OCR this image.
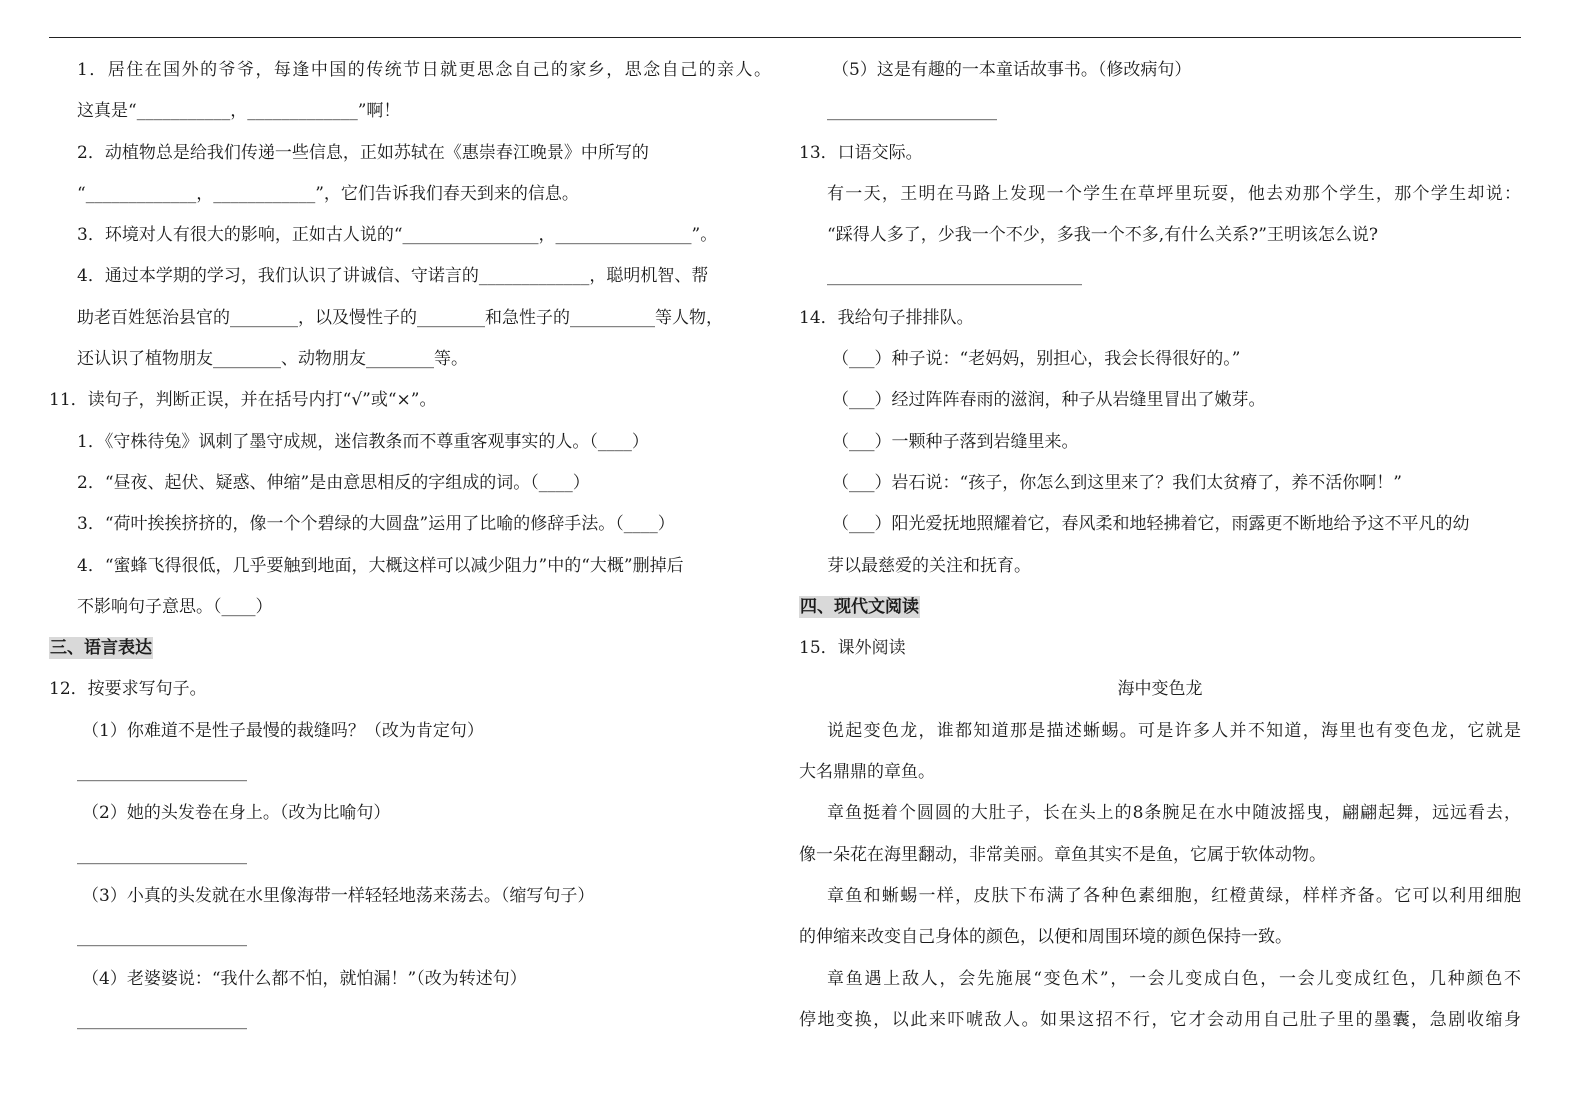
1．居住在国外的爷爷，每逢中国的传统节日就更思念自己的家乡，思念自己的亲人。
这真是“___________，_____________”啊！
2．动植物总是给我们传递一些信息，正如苏轼在《惠崇春江晚景》中所写的
“_____________，____________”，它们告诉我们春天到来的信息。
3．环境对人有很大的影响，正如古人说的“________________，________________”。
4．通过本学期的学习，我们认识了讲诚信、守诺言的_____________，聪明机智、帮
助老百姓惩治县官的________，以及慢性子的________和急性子的__________等人物，
还认识了植物朋友________、动物朋友________等。
11．读句子，判断正误，并在括号内打“√”或“×”。
1．《守株待兔》讽刺了墨守成规，迷信教条而不尊重客观事实的人。（____）
2．“昼夜、起伏、疑惑、伸缩”是由意思相反的字组成的词。（____）
3．“荷叶挨挨挤挤的，像一个个碧绿的大圆盘”运用了比喻的修辞手法。（____）
4．“蜜蜂飞得很低，几乎要触到地面，大概这样可以减少阻力”中的“大概”删掉后
不影响句子意思。（____）
三、语言表达
12．按要求写句子。
（1）你难道不是性子最慢的裁缝吗？（改为肯定句）
____________________
（2）她的头发卷在身上。（改为比喻句）
____________________
（3）小真的头发就在水里像海带一样轻轻地荡来荡去。（缩写句子）
____________________
（4）老婆婆说：“我什么都不怕，就怕漏！”（改为转述句）
____________________
（5）这是有趣的一本童话故事书。（修改病句）
____________________
13．口语交际。
有一天，王明在马路上发现一个学生在草坪里玩耍，他去劝那个学生，那个学生却说：
“踩得人多了，少我一个不少，多我一个不多,有什么关系?”王明该怎么说?
______________________________
14．我给句子排排队。
（___）种子说：“老妈妈，别担心，我会长得很好的。”
（___）经过阵阵春雨的滋润，种子从岩缝里冒出了嫩芽。
（___）一颗种子落到岩缝里来。
（___）岩石说：“孩子，你怎么到这里来了？我们太贫瘠了，养不活你啊！”
（___）阳光爱抚地照耀着它，春风柔和地轻拂着它，雨露更不断地给予这不平凡的幼
芽以最慈爱的关注和抚育。
四、现代文阅读
15．课外阅读
海中变色龙
说起变色龙，谁都知道那是描述蜥蜴。可是许多人并不知道，海里也有变色龙，它就是
大名鼎鼎的章鱼。
章鱼挺着个圆圆的大肚子，长在头上的8条腕足在水中随波摇曳，翩翩起舞，远远看去，
像一朵花在海里翻动，非常美丽。章鱼其实不是鱼，它属于软体动物。
章鱼和蜥蜴一样，皮肤下布满了各种色素细胞，红橙黄绿，样样齐备。它可以利用细胞
的伸缩来改变自己身体的颜色，以便和周围环境的颜色保持一致。
章鱼遇上敌人，会先施展“变色术”，一会儿变成白色，一会儿变成红色，几种颜色不
停地变换，以此来吓唬敌人。如果这招不行，它才会动用自己肚子里的墨囊，急剧收缩身
